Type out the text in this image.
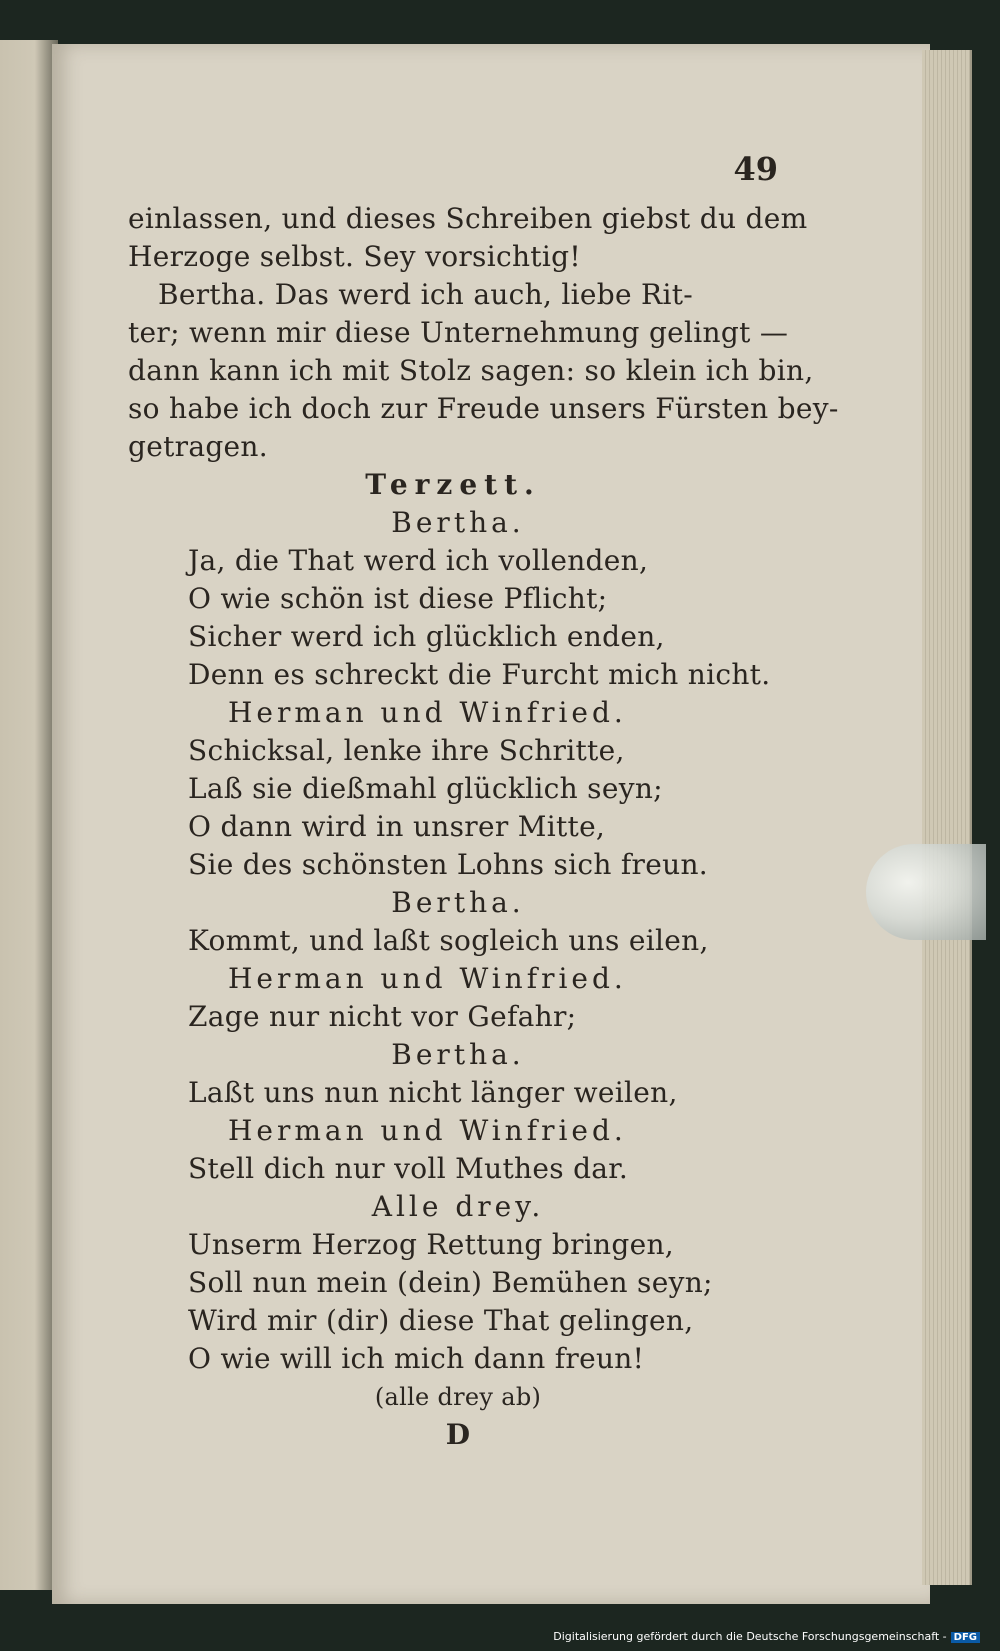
49
einlassen, und dieses Schreiben giebst du dem
Herzoge selbst. Sey vorsichtig!
Bertha. Das werd ich auch, liebe Rit-
ter; wenn mir diese Unternehmung gelingt —
dann kann ich mit Stolz sagen: so klein ich bin,
so habe ich doch zur Freude unsers Fürsten bey-
getragen.
Terzett.
Bertha.
Ja, die That werd ich vollenden,
O wie schön ist diese Pflicht;
Sicher werd ich glücklich enden,
Denn es schreckt die Furcht mich nicht.
Herman und Winfried.
Schicksal, lenke ihre Schritte,
Laß sie dießmahl glücklich seyn;
O dann wird in unsrer Mitte,
Sie des schönsten Lohns sich freun.
Bertha.
Kommt, und laßt sogleich uns eilen,
Herman und Winfried.
Zage nur nicht vor Gefahr;
Bertha.
Laßt uns nun nicht länger weilen,
Herman und Winfried.
Stell dich nur voll Muthes dar.
Alle drey.
Unserm Herzog Rettung bringen,
Soll nun mein (dein) Bemühen seyn;
Wird mir (dir) diese That gelingen,
O wie will ich mich dann freun!
(alle drey ab)
D
Digitalisierung gefördert durch die Deutsche Forschungsgemeinschaft - DFG
